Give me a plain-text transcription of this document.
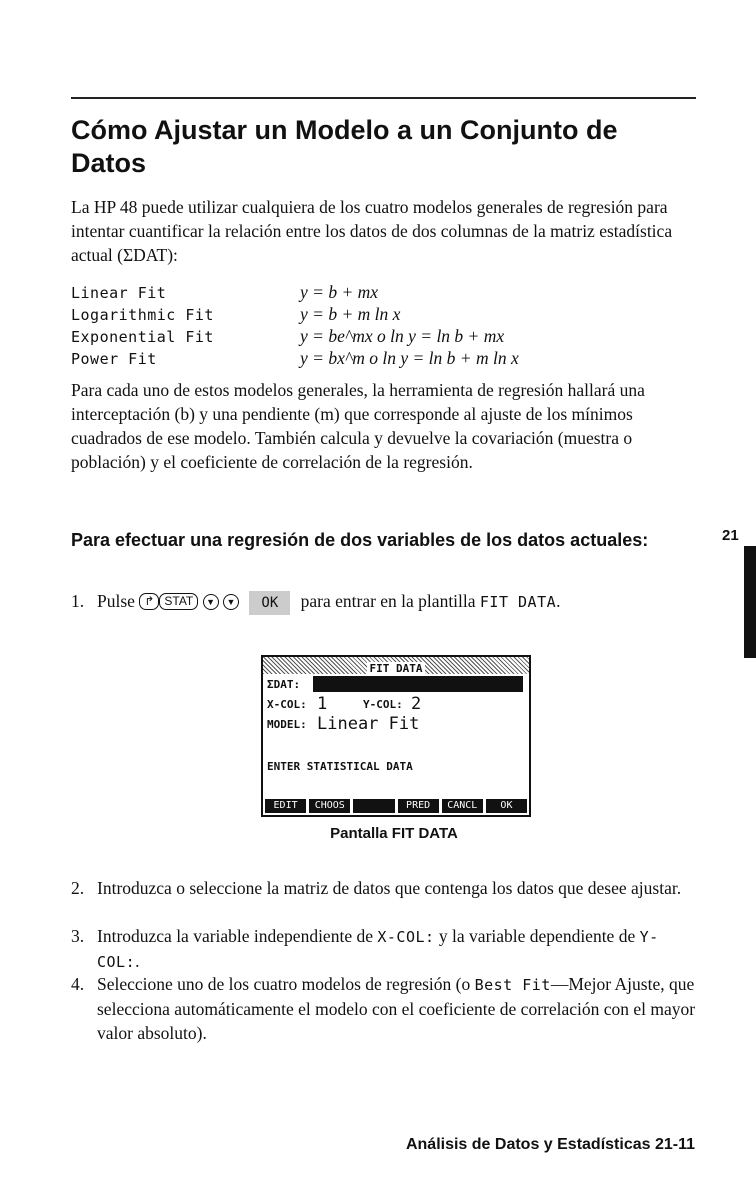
Cómo Ajustar un Modelo a un Conjunto de Datos

La HP 48 puede utilizar cualquiera de los cuatro modelos generales de regresión para intentar cuantificar la relación entre los datos de dos columnas de la matriz estadística actual (ΣDAT):

Linear Fit	y = b + mx
Logarithmic Fit	y = b + m ln x
Exponential Fit	y = be^mx o ln y = ln b + mx
Power Fit	y = bx^m o ln y = ln b + m ln x

Para cada uno de estos modelos generales, la herramienta de regresión hallará una interceptación (b) y una pendiente (m) que corresponde al ajuste de los mínimos cuadrados de ese modelo. También calcula y devuelve la covariación (muestra o población) y el coeficiente de correlación de la regresión.

Para efectuar una regresión de dos variables de los datos actuales:	21
1. Pulse ↱ STAT ▼ ▼ OK para entrar en la plantilla FIT DATA.
FIT DATA
ΣDAT:
X-COL: 1	Y-COL: 2
MODEL: Linear Fit
ENTER STATISTICAL DATA
EDIT	CHOOS	PRED	CANCL	OK
Pantalla FIT DATA
2. Introduzca o seleccione la matriz de datos que contenga los datos que desee ajustar.
3. Introduzca la variable independiente de X-COL: y la variable dependiente de Y-COL:.
4. Seleccione uno de los cuatro modelos de regresión (o Best Fit—Mejor Ajuste, que selecciona automáticamente el modelo con el coeficiente de correlación con el mayor valor absoluto).
Análisis de Datos y Estadísticas 21-11
